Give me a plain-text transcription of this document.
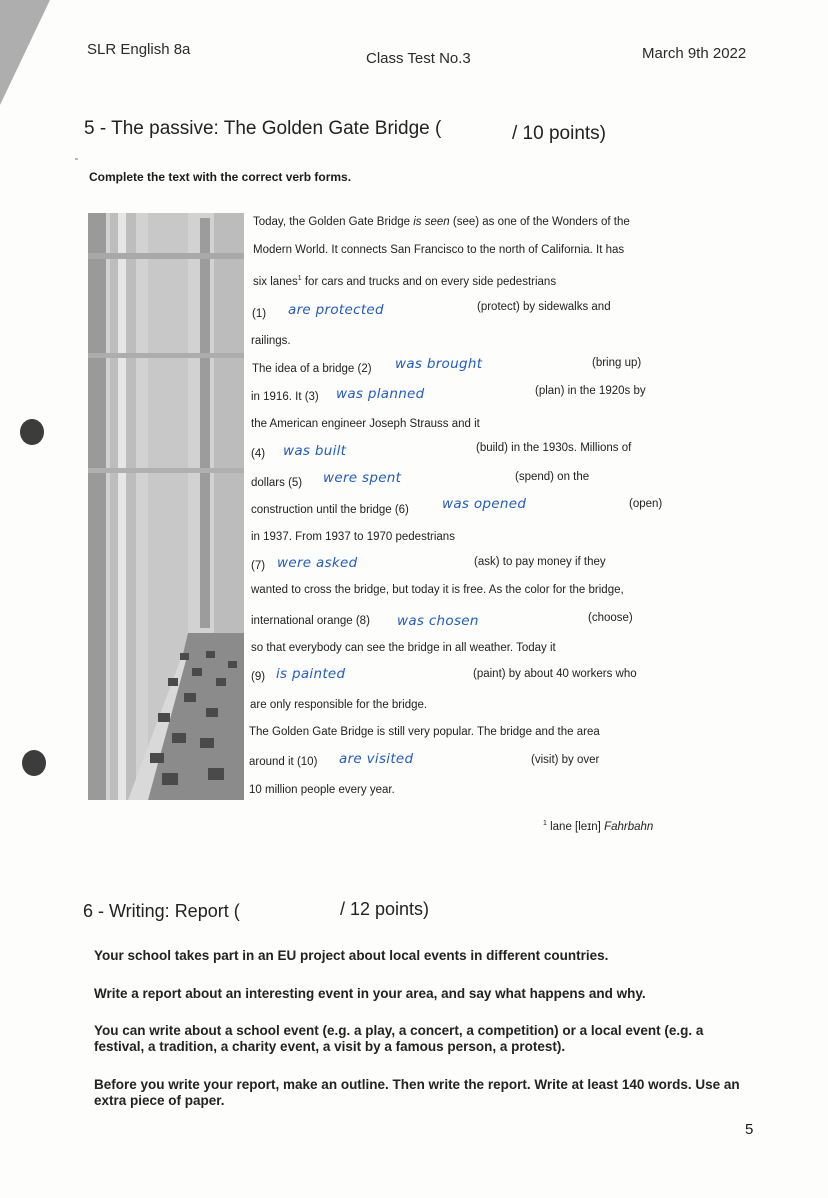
SLR English 8a
Class Test No.3	March 9th 2022
5 - The passive: The Golden Gate Bridge (	/ 10 points)
Complete the text with the correct verb forms.
Today, the Golden Gate Bridge is seen (see) as one of the Wonders of the
Modern World. It connects San Francisco to the north of California. It has
six lanes$^1$ for cars and trucks and on every side pedestrians
(1) are protected	(protect) by sidewalks and
railings.
The idea of a bridge (2) was brought	(bring up)
in 1916. It (3) was planned	(plan) in the 1920s by
the American engineer Joseph Strauss and it
(4) was built	(build) in the 1930s. Millions of
dollars (5) were spent	(spend) on the
construction until the bridge (6) was opened	(open)
in 1937. From 1937 to 1970 pedestrians
(7) were asked	(ask) to pay money if they
wanted to cross the bridge, but today it is free. As the color for the bridge,
international orange (8) was chosen	(choose)
so that everybody can see the bridge in all weather. Today it
(9) is painted	(paint) by about 40 workers who
are only responsible for the bridge.
The Golden Gate Bridge is still very popular. The bridge and the area
around it (10) are visited	(visit) by over
10 million people every year.
$^1$ lane [leɪn] Fahrbahn
6 - Writing: Report (	/ 12 points)
Your school takes part in an EU project about local events in different countries.
Write a report about an interesting event in your area, and say what happens and why.
You can write about a school event (e.g. a play, a concert, a competition) or a local event (e.g. a festival, a tradition, a charity event, a visit by a famous person, a protest).
Before you write your report, make an outline. Then write the report. Write at least 140 words. Use an extra piece of paper.
5
